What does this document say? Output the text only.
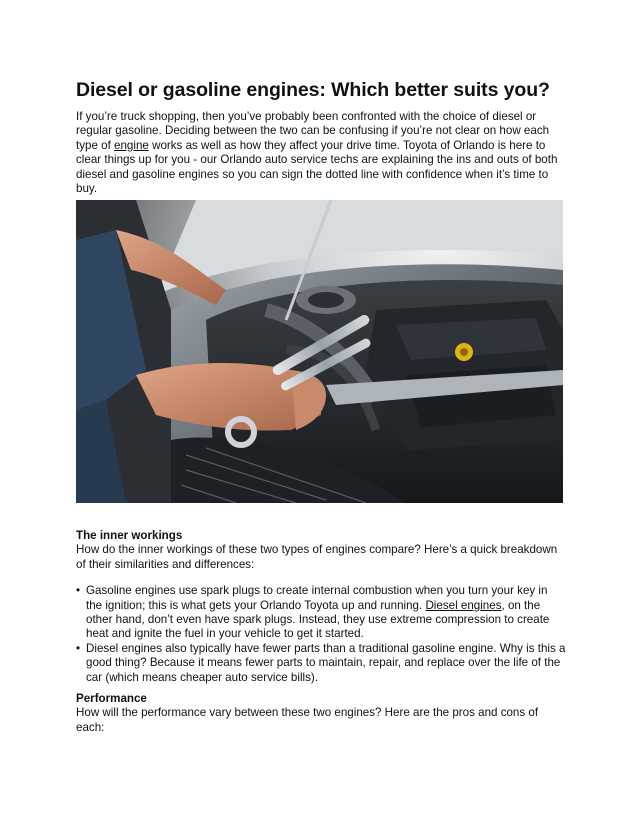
Diesel or gasoline engines: Which better suits you?

If you’re truck shopping, then you’ve probably been confronted with the choice of diesel or regular gasoline. Deciding between the two can be confusing if you’re not clear on how each type of engine works as well as how they affect your drive time. Toyota of Orlando is here to clear things up for you - our Orlando auto service techs are explaining the ins and outs of both diesel and gasoline engines so you can sign the dotted line with confidence when it’s time to buy.

The inner workings

How do the inner workings of these two types of engines compare? Here’s a quick breakdown of their similarities and differences:

• Gasoline engines use spark plugs to create internal combustion when you turn your key in the ignition; this is what gets your Orlando Toyota up and running. Diesel engines, on the other hand, don’t even have spark plugs. Instead, they use extreme compression to create heat and ignite the fuel in your vehicle to get it started.
• Diesel engines also typically have fewer parts than a traditional gasoline engine. Why is this a good thing? Because it means fewer parts to maintain, repair, and replace over the life of the car (which means cheaper auto service bills).

Performance

How will the performance vary between these two engines? Here are the pros and cons of each:
